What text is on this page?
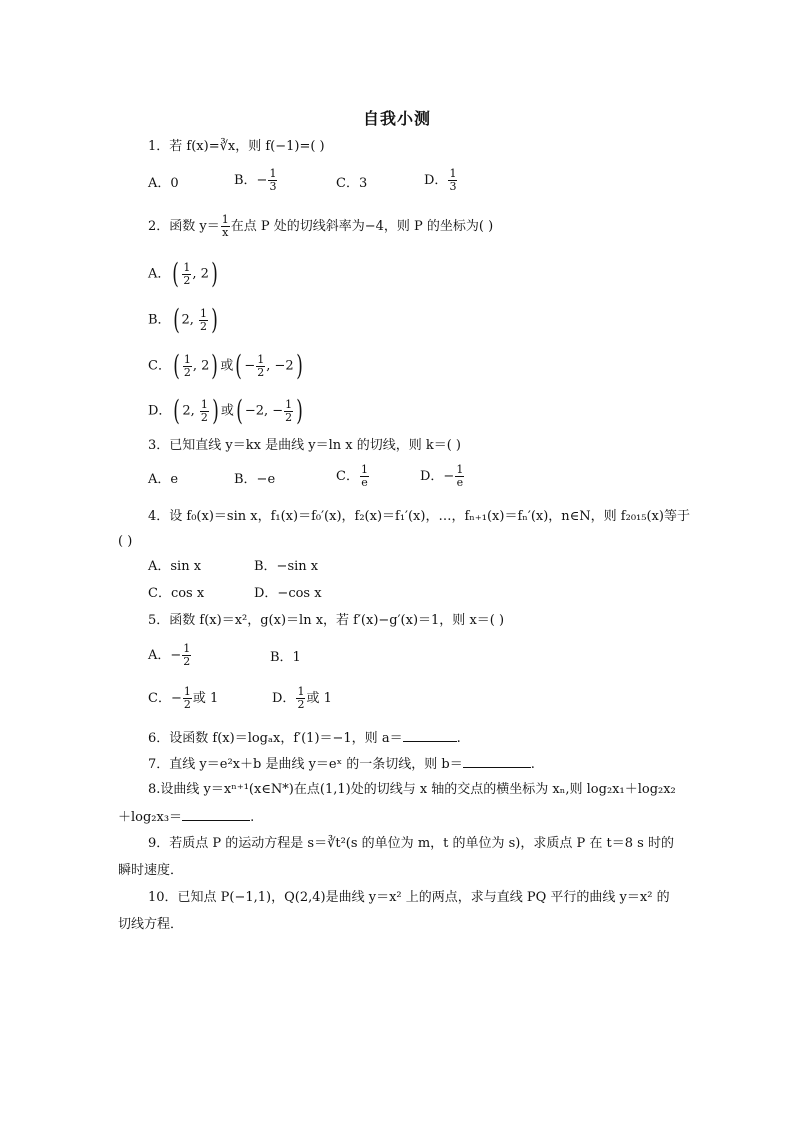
自我小测
1．若 f(x)=∛x，则 f(−1)=( )
A．0	B．− $\frac{1}{3}$	C．3	D． $\frac{1}{3}$
2．函数 $y= \frac{1}{x}$ 在点 P 处的切线斜率为−4，则 P 的坐标为( )
A．( $\frac{1}{2}$ , 2)
B．( 2, $\frac{1}{2}$ )
C．( $\frac{1}{2}$ , 2) 或( − $\frac{1}{2}$ , −2)
D．( 2, $\frac{1}{2}$ ) 或( −2, − $\frac{1}{2}$ )
3．已知直线 y＝kx 是曲线 y＝ln x 的切线，则 k＝( )
A．e	B．−e	C． $\frac{1}{e}$	D．− $\frac{1}{e}$
4．设 f₀(x)＝sin x，f₁(x)＝f₀′(x)，f₂(x)＝f₁′(x)，…，fₙ₊₁(x)＝fₙ′(x)，n∈N，则 f₂₀₁₅(x)等于
( )
A．sin x	B．−sin x
C．cos x	D．−cos x
5．函数 f(x)＝x²，g(x)＝ln x，若 f′(x)−g′(x)＝1，则 x＝( )
A．− $\frac{1}{2}$	B．1
C．− $\frac{1}{2}$ 或 1	D． $\frac{1}{2}$ 或 1
6．设函数 f(x)＝logₐx，f′(1)＝−1，则 a＝	.
7．直线 y＝e²x＋b 是曲线 y＝eˣ 的一条切线，则 b＝	.
8.设曲线 y＝xⁿ⁺¹(x∈N*)在点(1,1)处的切线与 x 轴的交点的横坐标为 xₙ,则 log₂x₁＋log₂x₂
＋log₂x₃＝	.
9．若质点 P 的运动方程是 s＝∛t²(s 的单位为 m，t 的单位为 s)，求质点 P 在 t＝8 s 时的
瞬时速度．
10．已知点 P(−1,1)，Q(2,4)是曲线 y＝x² 上的两点，求与直线 PQ 平行的曲线 y＝x² 的
切线方程．
